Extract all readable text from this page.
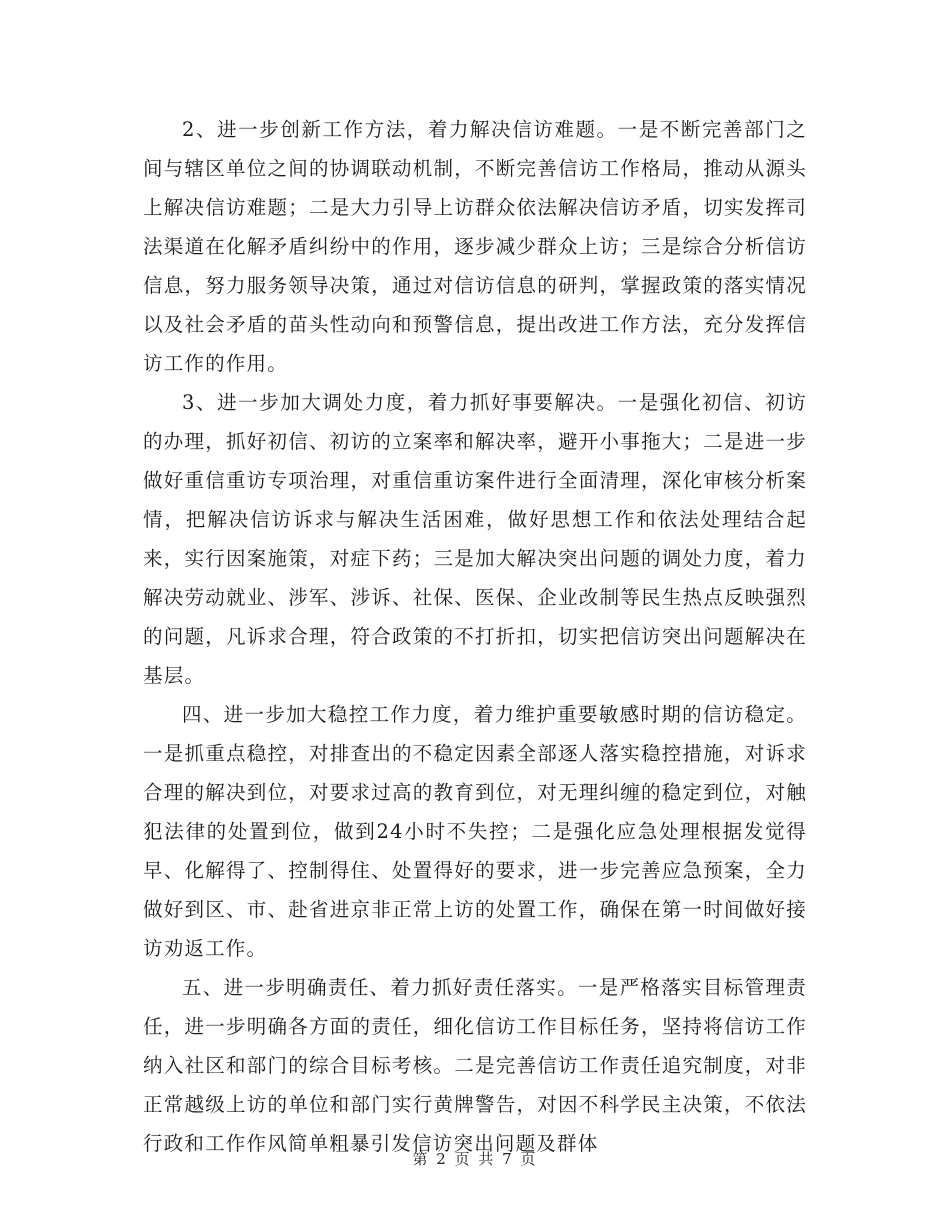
2、进一步创新工作方法，着力解决信访难题。一是不断完善部门之间与辖区单位之间的协调联动机制，不断完善信访工作格局，推动从源头上解决信访难题；二是大力引导上访群众依法解决信访矛盾，切实发挥司法渠道在化解矛盾纠纷中的作用，逐步减少群众上访；三是综合分析信访信息，努力服务领导决策，通过对信访信息的研判，掌握政策的落实情况以及社会矛盾的苗头性动向和预警信息，提出改进工作方法，充分发挥信访工作的作用。

3、进一步加大调处力度，着力抓好事要解决。一是强化初信、初访的办理，抓好初信、初访的立案率和解决率，避开小事拖大；二是进一步做好重信重访专项治理，对重信重访案件进行全面清理，深化审核分析案情，把解决信访诉求与解决生活困难，做好思想工作和依法处理结合起来，实行因案施策，对症下药；三是加大解决突出问题的调处力度，着力解决劳动就业、涉军、涉诉、社保、医保、企业改制等民生热点反映强烈的问题，凡诉求合理，符合政策的不打折扣，切实把信访突出问题解决在基层。

四、进一步加大稳控工作力度，着力维护重要敏感时期的信访稳定。一是抓重点稳控，对排查出的不稳定因素全部逐人落实稳控措施，对诉求合理的解决到位，对要求过高的教育到位，对无理纠缠的稳定到位，对触犯法律的处置到位，做到24小时不失控；二是强化应急处理根据发觉得早、化解得了、控制得住、处置得好的要求，进一步完善应急预案，全力做好到区、市、赴省进京非正常上访的处置工作，确保在第一时间做好接访劝返工作。

五、进一步明确责任、着力抓好责任落实。一是严格落实目标管理责任，进一步明确各方面的责任，细化信访工作目标任务，坚持将信访工作纳入社区和部门的综合目标考核。二是完善信访工作责任追究制度，对非正常越级上访的单位和部门实行黄牌警告，对因不科学民主决策，不依法行政和工作作风简单粗暴引发信访突出问题及群体

第 2 页 共 7 页
